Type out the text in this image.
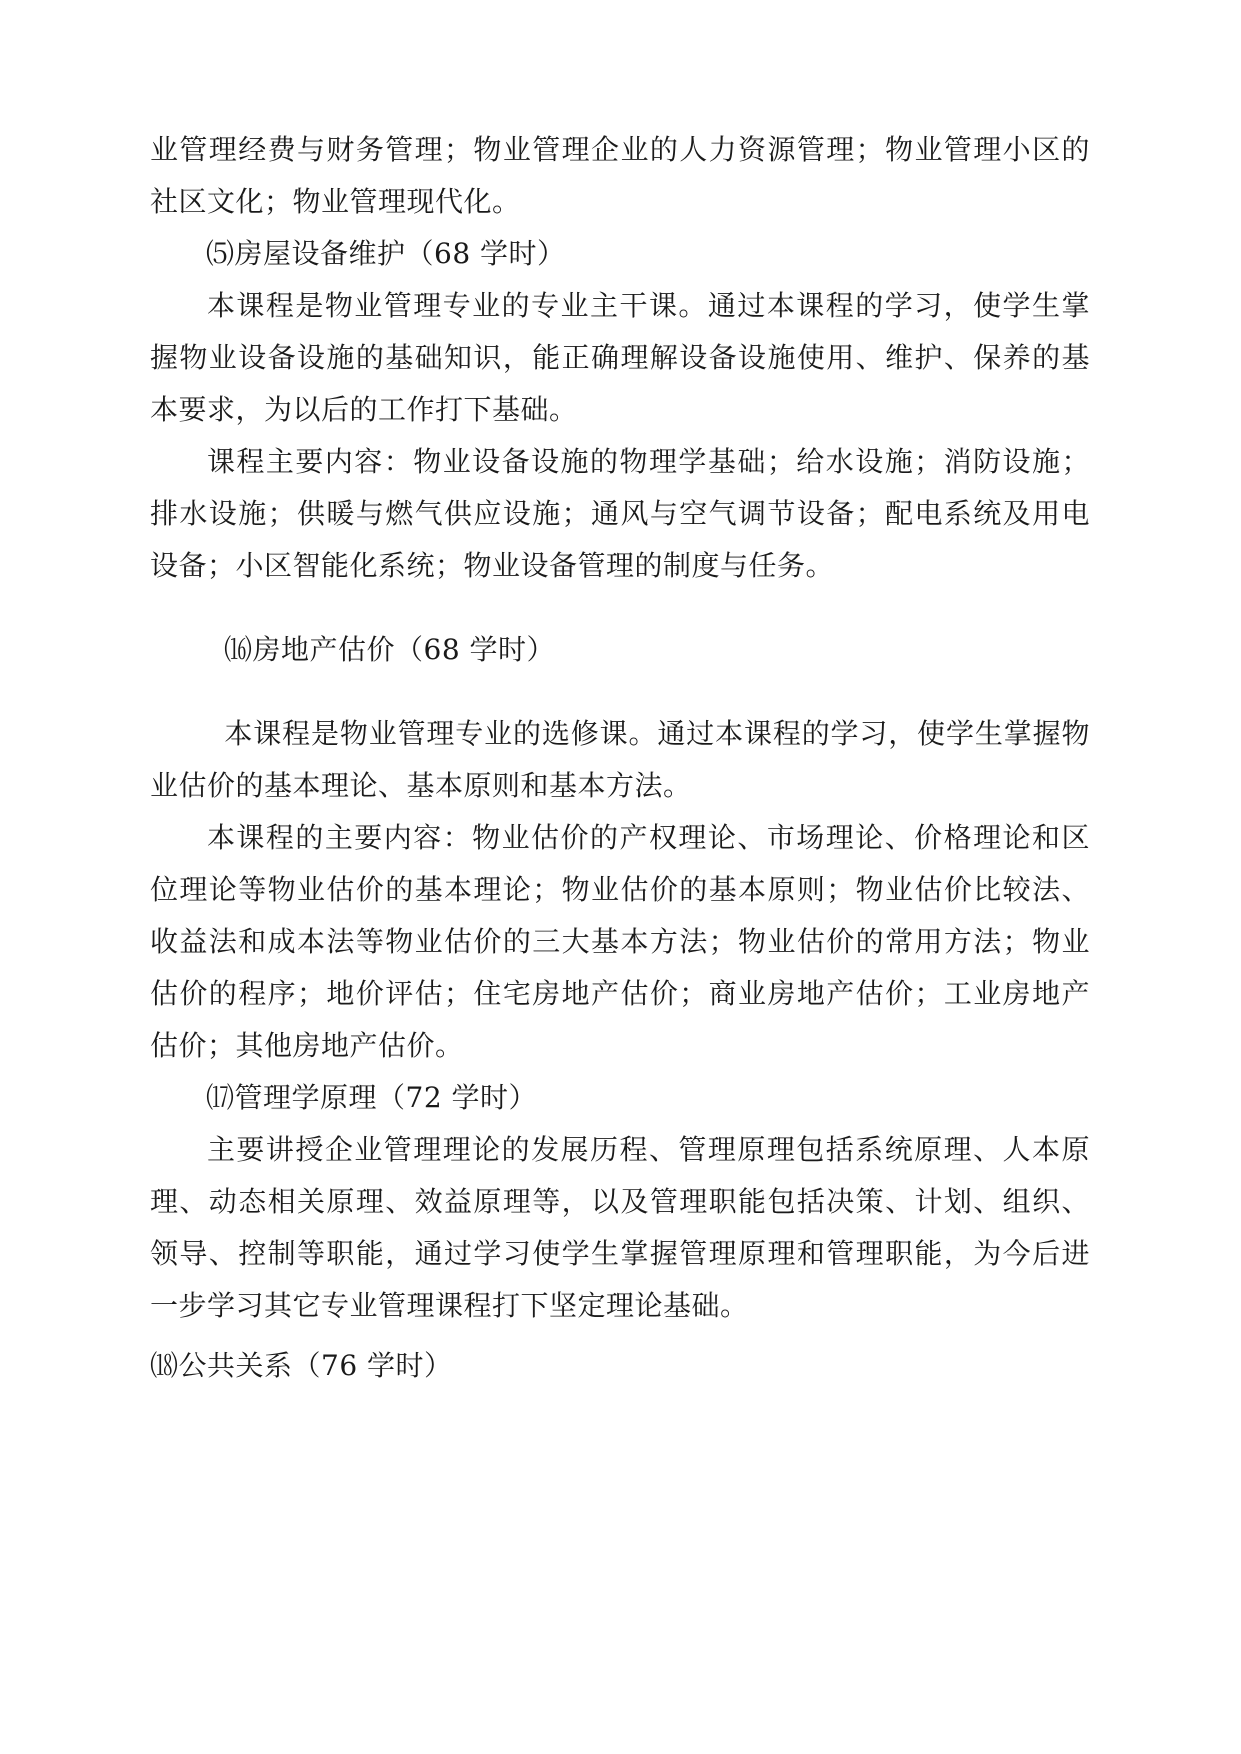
业管理经费与财务管理；物业管理企业的人力资源管理；物业管理小区的
社区文化；物业管理现代化。
⑸房屋设备维护（68 学时）
本课程是物业管理专业的专业主干课。通过本课程的学习，使学生掌
握物业设备设施的基础知识，能正确理解设备设施使用、维护、保养的基
本要求，为以后的工作打下基础。
课程主要内容：物业设备设施的物理学基础；给水设施；消防设施；
排水设施；供暖与燃气供应设施；通风与空气调节设备；配电系统及用电
设备；小区智能化系统；物业设备管理的制度与任务。
⒃房地产估价（68 学时）
本课程是物业管理专业的选修课。通过本课程的学习，使学生掌握物
业估价的基本理论、基本原则和基本方法。
本课程的主要内容：物业估价的产权理论、市场理论、价格理论和区
位理论等物业估价的基本理论；物业估价的基本原则；物业估价比较法、
收益法和成本法等物业估价的三大基本方法；物业估价的常用方法；物业
估价的程序；地价评估；住宅房地产估价；商业房地产估价；工业房地产
估价；其他房地产估价。
⒄管理学原理（72 学时）
主要讲授企业管理理论的发展历程、管理原理包括系统原理、人本原
理、动态相关原理、效益原理等，以及管理职能包括决策、计划、组织、
领导、控制等职能，通过学习使学生掌握管理原理和管理职能，为今后进
一步学习其它专业管理课程打下坚定理论基础。
⒅公共关系（76 学时）
